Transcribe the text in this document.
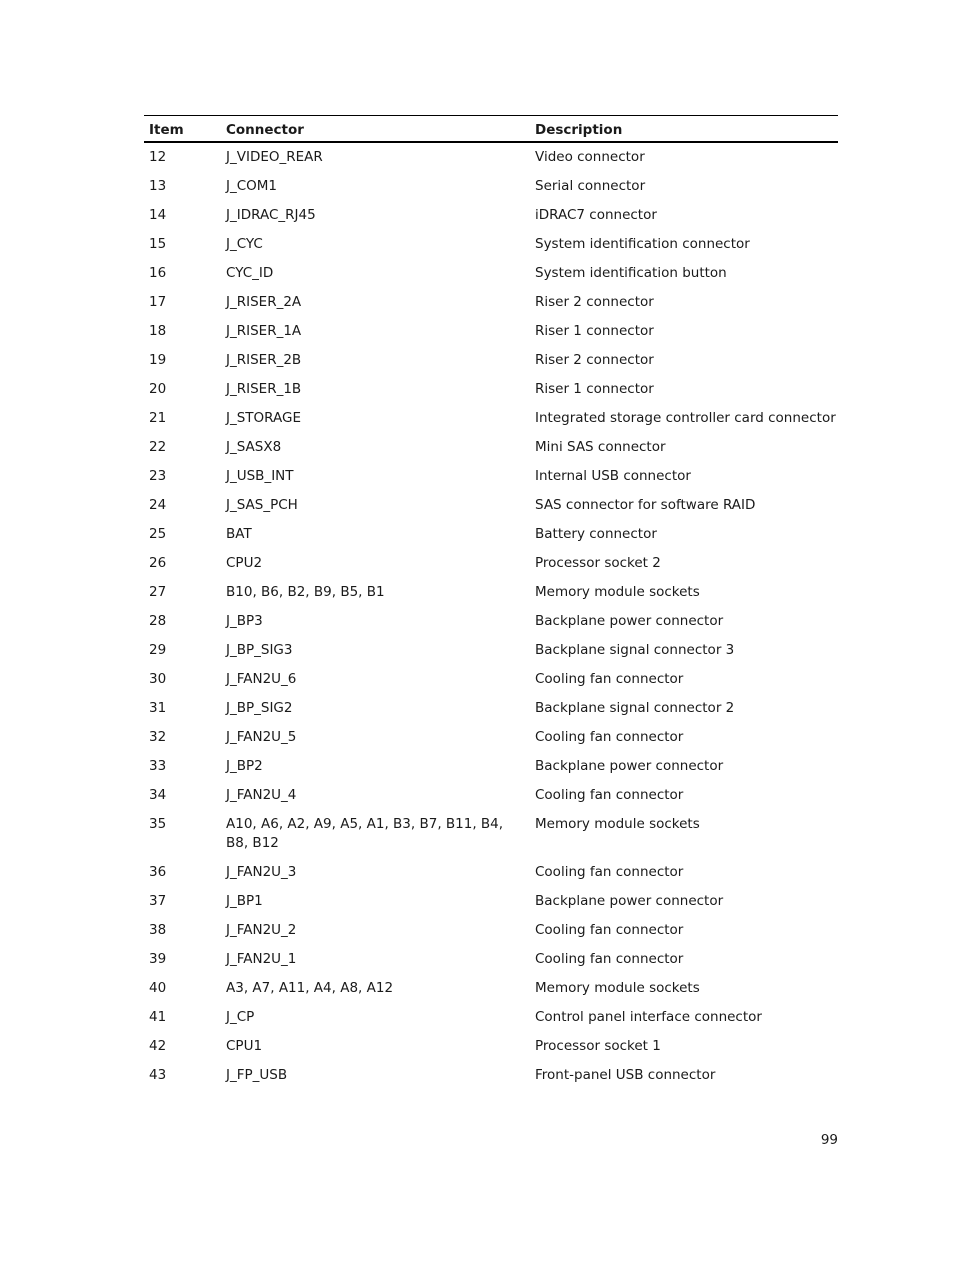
Item	Connector	Description
12	J_VIDEO_REAR	Video connector
13	J_COM1	Serial connector
14	J_IDRAC_RJ45	iDRAC7 connector
15	J_CYC	System identification connector
16	CYC_ID	System identification button
17	J_RISER_2A	Riser 2 connector
18	J_RISER_1A	Riser 1 connector
19	J_RISER_2B	Riser 2 connector
20	J_RISER_1B	Riser 1 connector
21	J_STORAGE	Integrated storage controller card connector
22	J_SASX8	Mini SAS connector
23	J_USB_INT	Internal USB connector
24	J_SAS_PCH	SAS connector for software RAID
25	BAT	Battery connector
26	CPU2	Processor socket 2
27	B10, B6, B2, B9, B5, B1	Memory module sockets
28	J_BP3	Backplane power connector
29	J_BP_SIG3	Backplane signal connector 3
30	J_FAN2U_6	Cooling fan connector
31	J_BP_SIG2	Backplane signal connector 2
32	J_FAN2U_5	Cooling fan connector
33	J_BP2	Backplane power connector
34	J_FAN2U_4	Cooling fan connector
35	A10, A6, A2, A9, A5, A1, B3, B7, B11, B4, B8, B12	Memory module sockets
36	J_FAN2U_3	Cooling fan connector
37	J_BP1	Backplane power connector
38	J_FAN2U_2	Cooling fan connector
39	J_FAN2U_1	Cooling fan connector
40	A3, A7, A11, A4, A8, A12	Memory module sockets
41	J_CP	Control panel interface connector
42	CPU1	Processor socket 1
43	J_FP_USB	Front-panel USB connector
99
